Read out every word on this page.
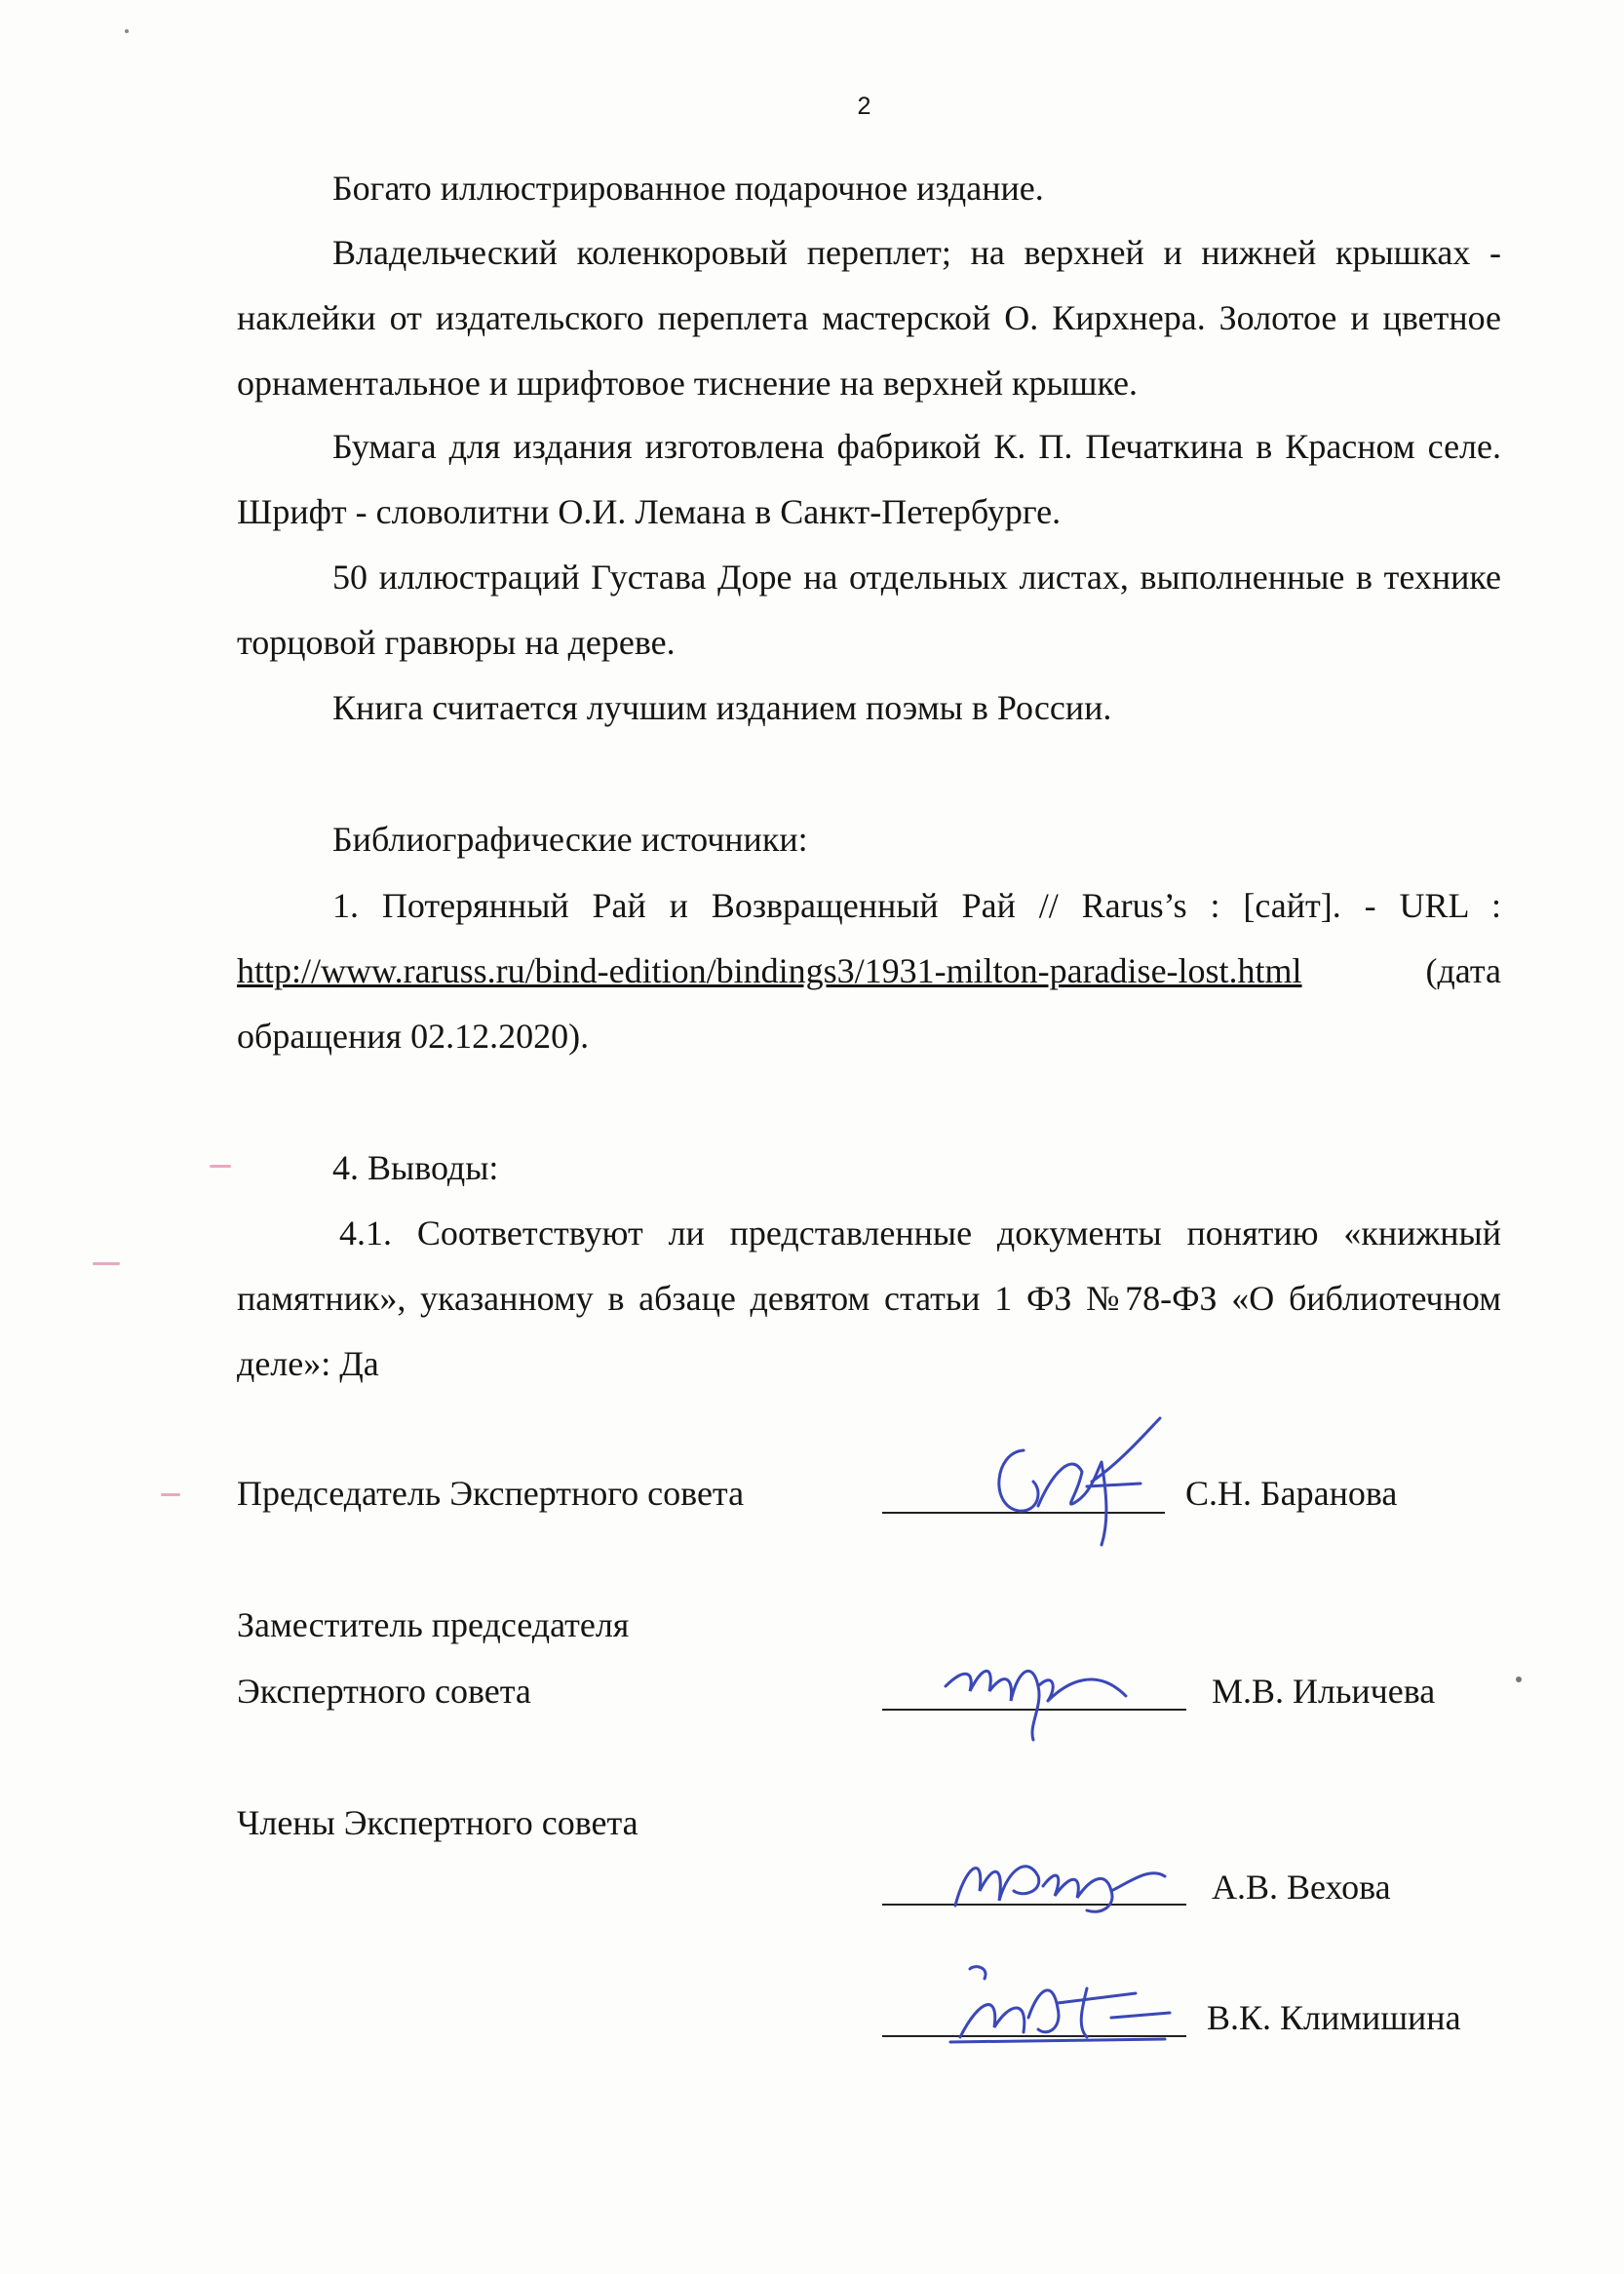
2

Богато иллюстрированное подарочное издание.

Владельческий коленкоровый переплет; на верхней и нижней крышках - наклейки от издательского переплета мастерской О. Кирхнера. Золотое и цветное орнаментальное и шрифтовое тиснение на верхней крышке.

Бумага для издания изготовлена фабрикой К. П. Печаткина в Красном селе. Шрифт - словолитни О.И. Лемана в Санкт-Петербурге.

50 иллюстраций Густава Доре на отдельных листах, выполненные в технике торцовой гравюры на дереве.

Книга считается лучшим изданием поэмы в России.

Библиографические источники:

1. Потерянный Рай и Возвращенный Рай // Rarus’s : [сайт]. - URL : http://www.raruss.ru/bind-edition/bindings3/1931-milton-paradise-lost.html	(дата обращения 02.12.2020).

4. Выводы:

4.1. Соответствуют ли представленные документы понятию «книжный памятник», указанному в абзаце девятом статьи 1 ФЗ №78-ФЗ «О библиотечном деле»: Да

Председатель Экспертного совета	С.Н. Баранова
Заместитель председателя
Экспертного совета	М.В. Ильичева
Члены Экспертного совета
А.В. Вехова
В.К. Климишина
